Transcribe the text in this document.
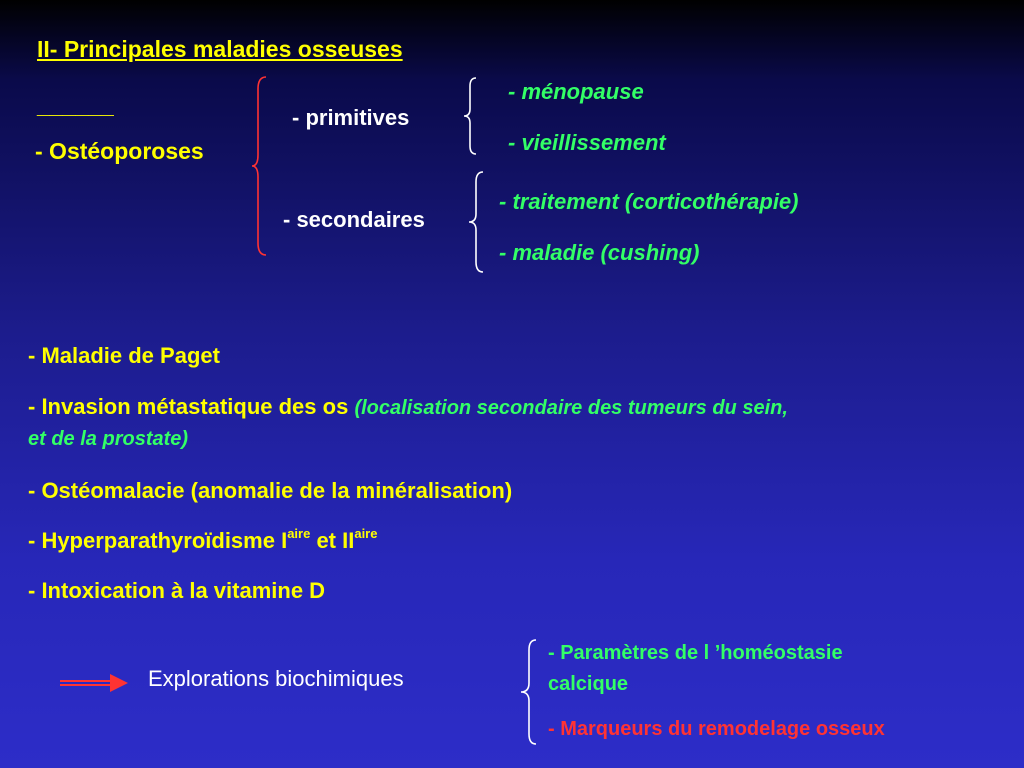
II- Principales maladies osseuses
______
- Ostéoporoses
- primitives
- ménopause
- vieillissement
- secondaires
- traitement (corticothérapie)
- maladie (cushing)
- Maladie de Paget
- Invasion métastatique des os (localisation secondaire des tumeurs du sein,
et de la prostate)
- Ostéomalacie (anomalie de la minéralisation)
- Hyperparathyroïdisme $I^{aire}$ et $II^{aire}$
- Intoxication à la vitamine D
Explorations biochimiques
- Paramètres de l ’homéostasie
calcique
- Marqueurs du remodelage osseux
